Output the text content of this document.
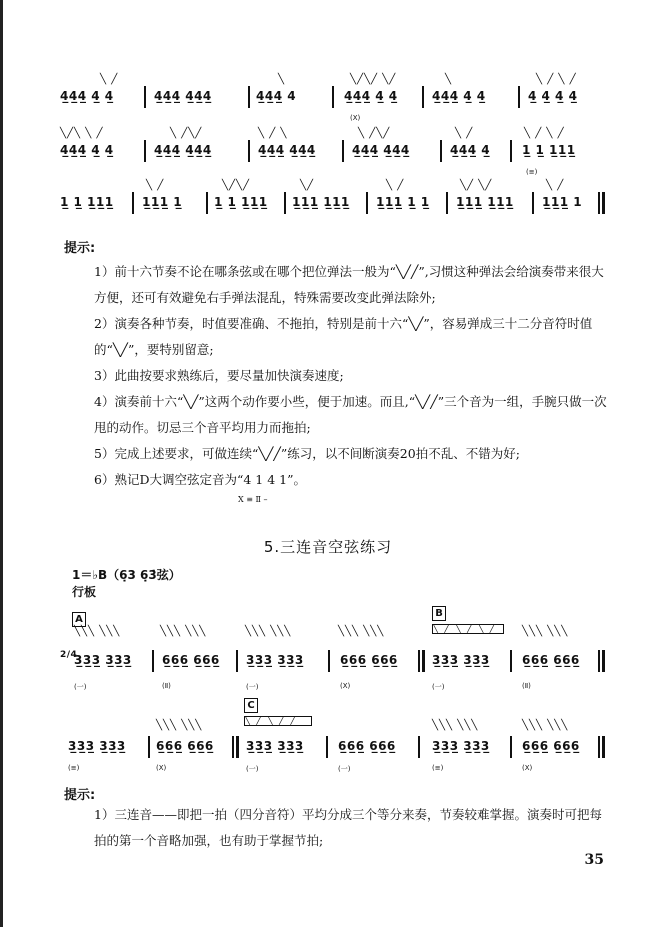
╲ ╱	╲	╲╱╲╱ ╲╱	╲	╲ ╱ ╲ ╱
4̲4̲4̲ 4̲ 4̲	4̲4̲4̲ 4̲4̲4̲	4̲4̲4̲ 4	4̲4̲4̲ 4̲ 4̲	4̲4̲4̲ 4̲ 4̲	4̲ 4̲ 4̲ 4̲
(X)
╲╱╲ ╲ ╱	╲ ╱╲╱	╲ ╱ ╲	╲ ╱╲╱	╲ ╱	╲ ╱ ╲ ╱
4̲4̲4̲ 4̲ 4̲	4̲4̲4̲ 4̲4̲4̲	4̲4̲4̲ 4̲4̲4̲	4̲4̲4̲ 4̲4̲4̲	4̲4̲4̲ 4̲	1̲ 1̲ 1̲1̲1̲
(≡)
╲ ╱	╲╱╲╱	╲╱	╲ ╱	╲╱ ╲╱	╲ ╱
1̲ 1̲ 1̲1̲1̲ 1̲1̲1̲ 1̲	1̲ 1̲ 1̲1̲1̲ 1̲1̲1̲ 1̲1̲1̲ 1̲1̲1̲ 1̲ 1̲ 1̲1̲1̲ 1̲1̲1̲ 1̲1̲1̲ 1
提示:
1）前十六节奏不论在哪条弦或在哪个把位弹法一般为“╲╱╱”,习惯这种弹法会给演奏带来很大方便，还可有效避免右手弹法混乱，特殊需要改变此弹法除外;
2）演奏各种节奏，时值要准确、不拖拍，特别是前十六“╲╱”，容易弹成三十二分音符时值的“╲╱”，要特别留意;
3）此曲按要求熟练后，要尽量加快演奏速度;
4）演奏前十六“╲╱”这两个动作要小些，便于加速。而且,“╲╱╱”三个音为一组，手腕只做一次甩的动作。切忌三个音平均用力而拖拍;
5）完成上述要求，可做连续“╲╱╱”练习，以不间断演奏20拍不乱、不错为好;
6）熟记D大调空弦定音为“4 1 4 1”。
Ⅹ ≡ Ⅱ –
5.三连音空弦练习
1＝♭B（6̣3 6̣3̇弦）
行板
A
B
╲ ╱ ╲ ╱ ╲ ╱
C
╲ ╱ ╲ ╱ ╱
╲╲╲ ╲╲╲	╲╲╲ ╲╲╲	╲╲╲ ╲╲╲	╲╲╲ ╲╲╲	╲╲╲ ╲╲╲
2/4
3̲3̲3̲ 3̲3̲3̲	6̲6̲6̲ 6̲6̲6̲ 3̲3̲3̲ 3̲3̲3̲	6̲6̲6̲ 6̲6̲6̲	3̲3̲3̲ 3̲3̲3̲	6̲6̲6̲ 6̲6̲6̲
(一)	(Ⅱ)	(一)	(X)	(一)	(Ⅱ)
╲╲╲ ╲╲╲	╲╲╲ ╲╲╲	╲╲╲ ╲╲╲
3̲3̲3̲ 3̲3̲3̲	6̲6̲6̲ 6̲6̲6̲	3̲3̲3̲ 3̲3̲3̲	6̲6̲6̲ 6̲6̲6̲	3̲3̲3̲ 3̲3̲3̲	6̲6̲6̲ 6̲6̲6̲
(≡)	(X)	(一)	(一)	(≡)	(X)
提示:
1）三连音——即把一拍（四分音符）平均分成三个等分来奏，节奏较难掌握。演奏时可把每拍的第一个音略加强，也有助于掌握节拍;
35
